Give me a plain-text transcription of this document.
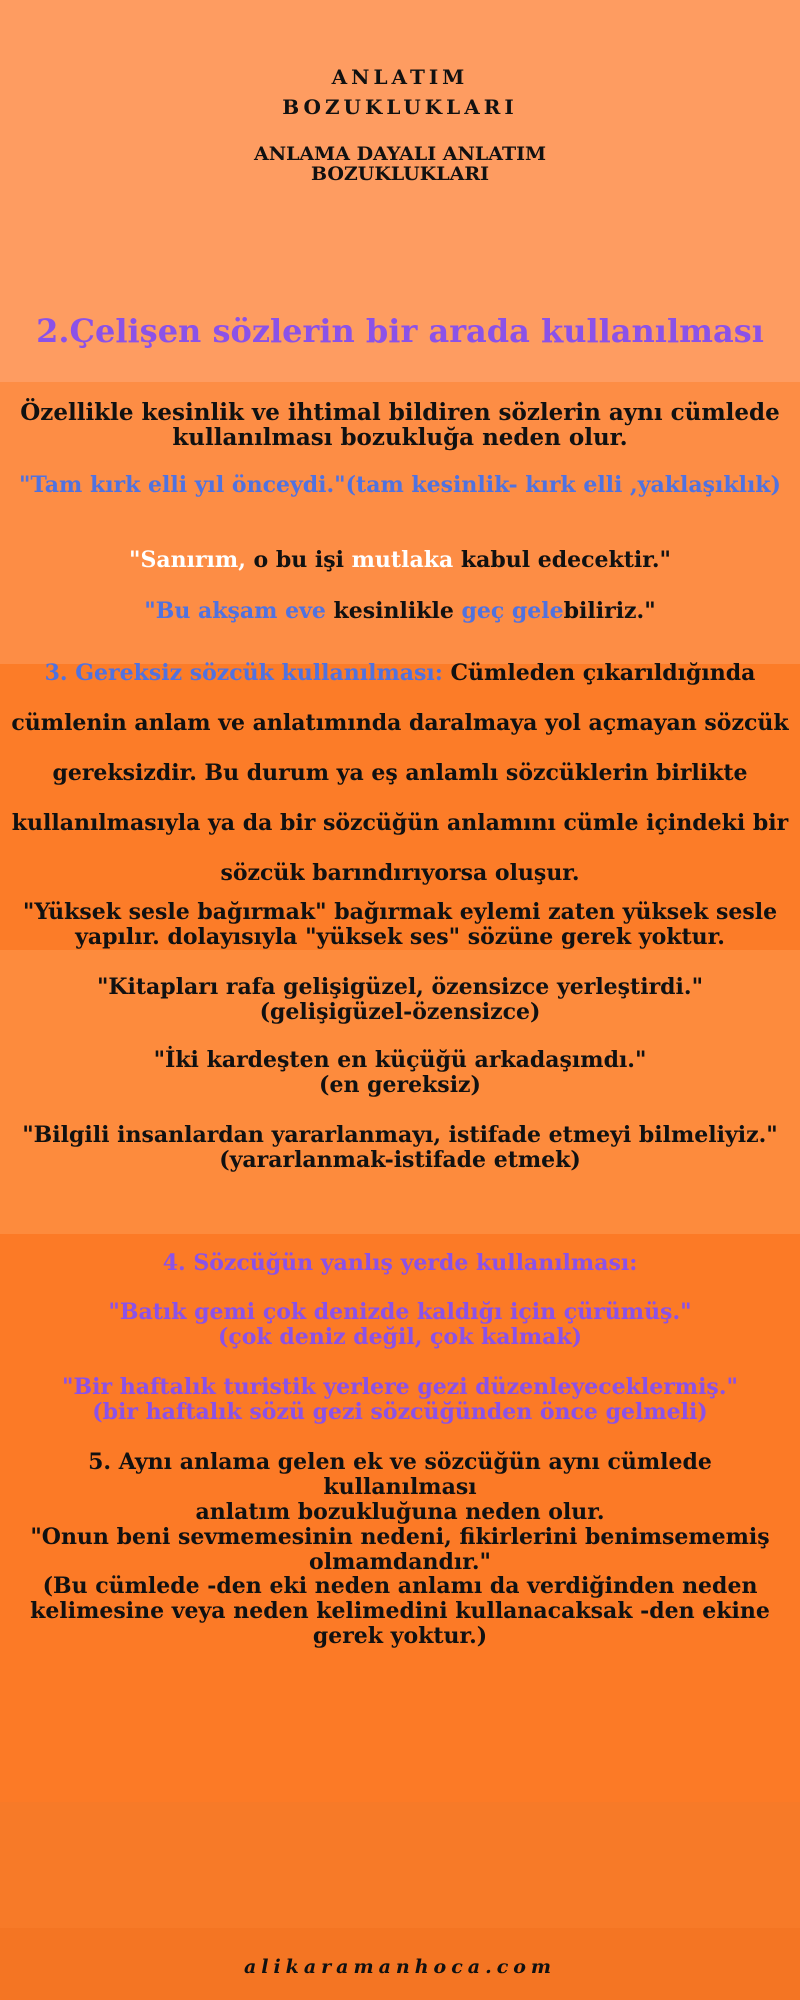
ANLATIM
BOZUKLUKLARI
ANLAMA DAYALI ANLATIM
BOZUKLUKLARI
2.Çelişen sözlerin bir arada kullanılması
Özellikle kesinlik ve ihtimal bildiren sözlerin aynı cümlede
kullanılması bozukluğa neden olur.
"Tam kırk elli yıl önceydi."(tam kesinlik- kırk elli ,yaklaşıklık)
"Sanırım, o bu işi mutlaka kabul edecektir."
"Bu akşam eve kesinlikle geç gelebiliriz."
3. Gereksiz sözcük kullanılması: Cümleden çıkarıldığında
cümlenin anlam ve anlatımında daralmaya yol açmayan sözcük
gereksizdir. Bu durum ya eş anlamlı sözcüklerin birlikte
kullanılmasıyla ya da bir sözcüğün anlamını cümle içindeki bir
sözcük barındırıyorsa oluşur.
"Yüksek sesle bağırmak" bağırmak eylemi zaten yüksek sesle
yapılır. dolayısıyla "yüksek ses" sözüne gerek yoktur.
"Kitapları rafa gelişigüzel, özensizce yerleştirdi."
(gelişigüzel-özensizce)
"İki kardeşten en küçüğü arkadaşımdı."
(en gereksiz)
"Bilgili insanlardan yararlanmayı, istifade etmeyi bilmeliyiz."
(yararlanmak-istifade etmek)
4. Sözcüğün yanlış yerde kullanılması:
"Batık gemi çok denizde kaldığı için çürümüş."
(çok deniz değil, çok kalmak)
"Bir haftalık turistik yerlere gezi düzenleyeceklermiş."
(bir haftalık sözü gezi sözcüğünden önce gelmeli)
5. Aynı anlama gelen ek ve sözcüğün aynı cümlede kullanılması
anlatım bozukluğuna neden olur.
"Onun beni sevmemesinin nedeni, fikirlerini benimsememiş
olmamdandır."
(Bu cümlede -den eki neden anlamı da verdiğinden neden
kelimesine veya neden kelimedini kullanacaksak -den ekine
gerek yoktur.)
alikaramanhoca.com
